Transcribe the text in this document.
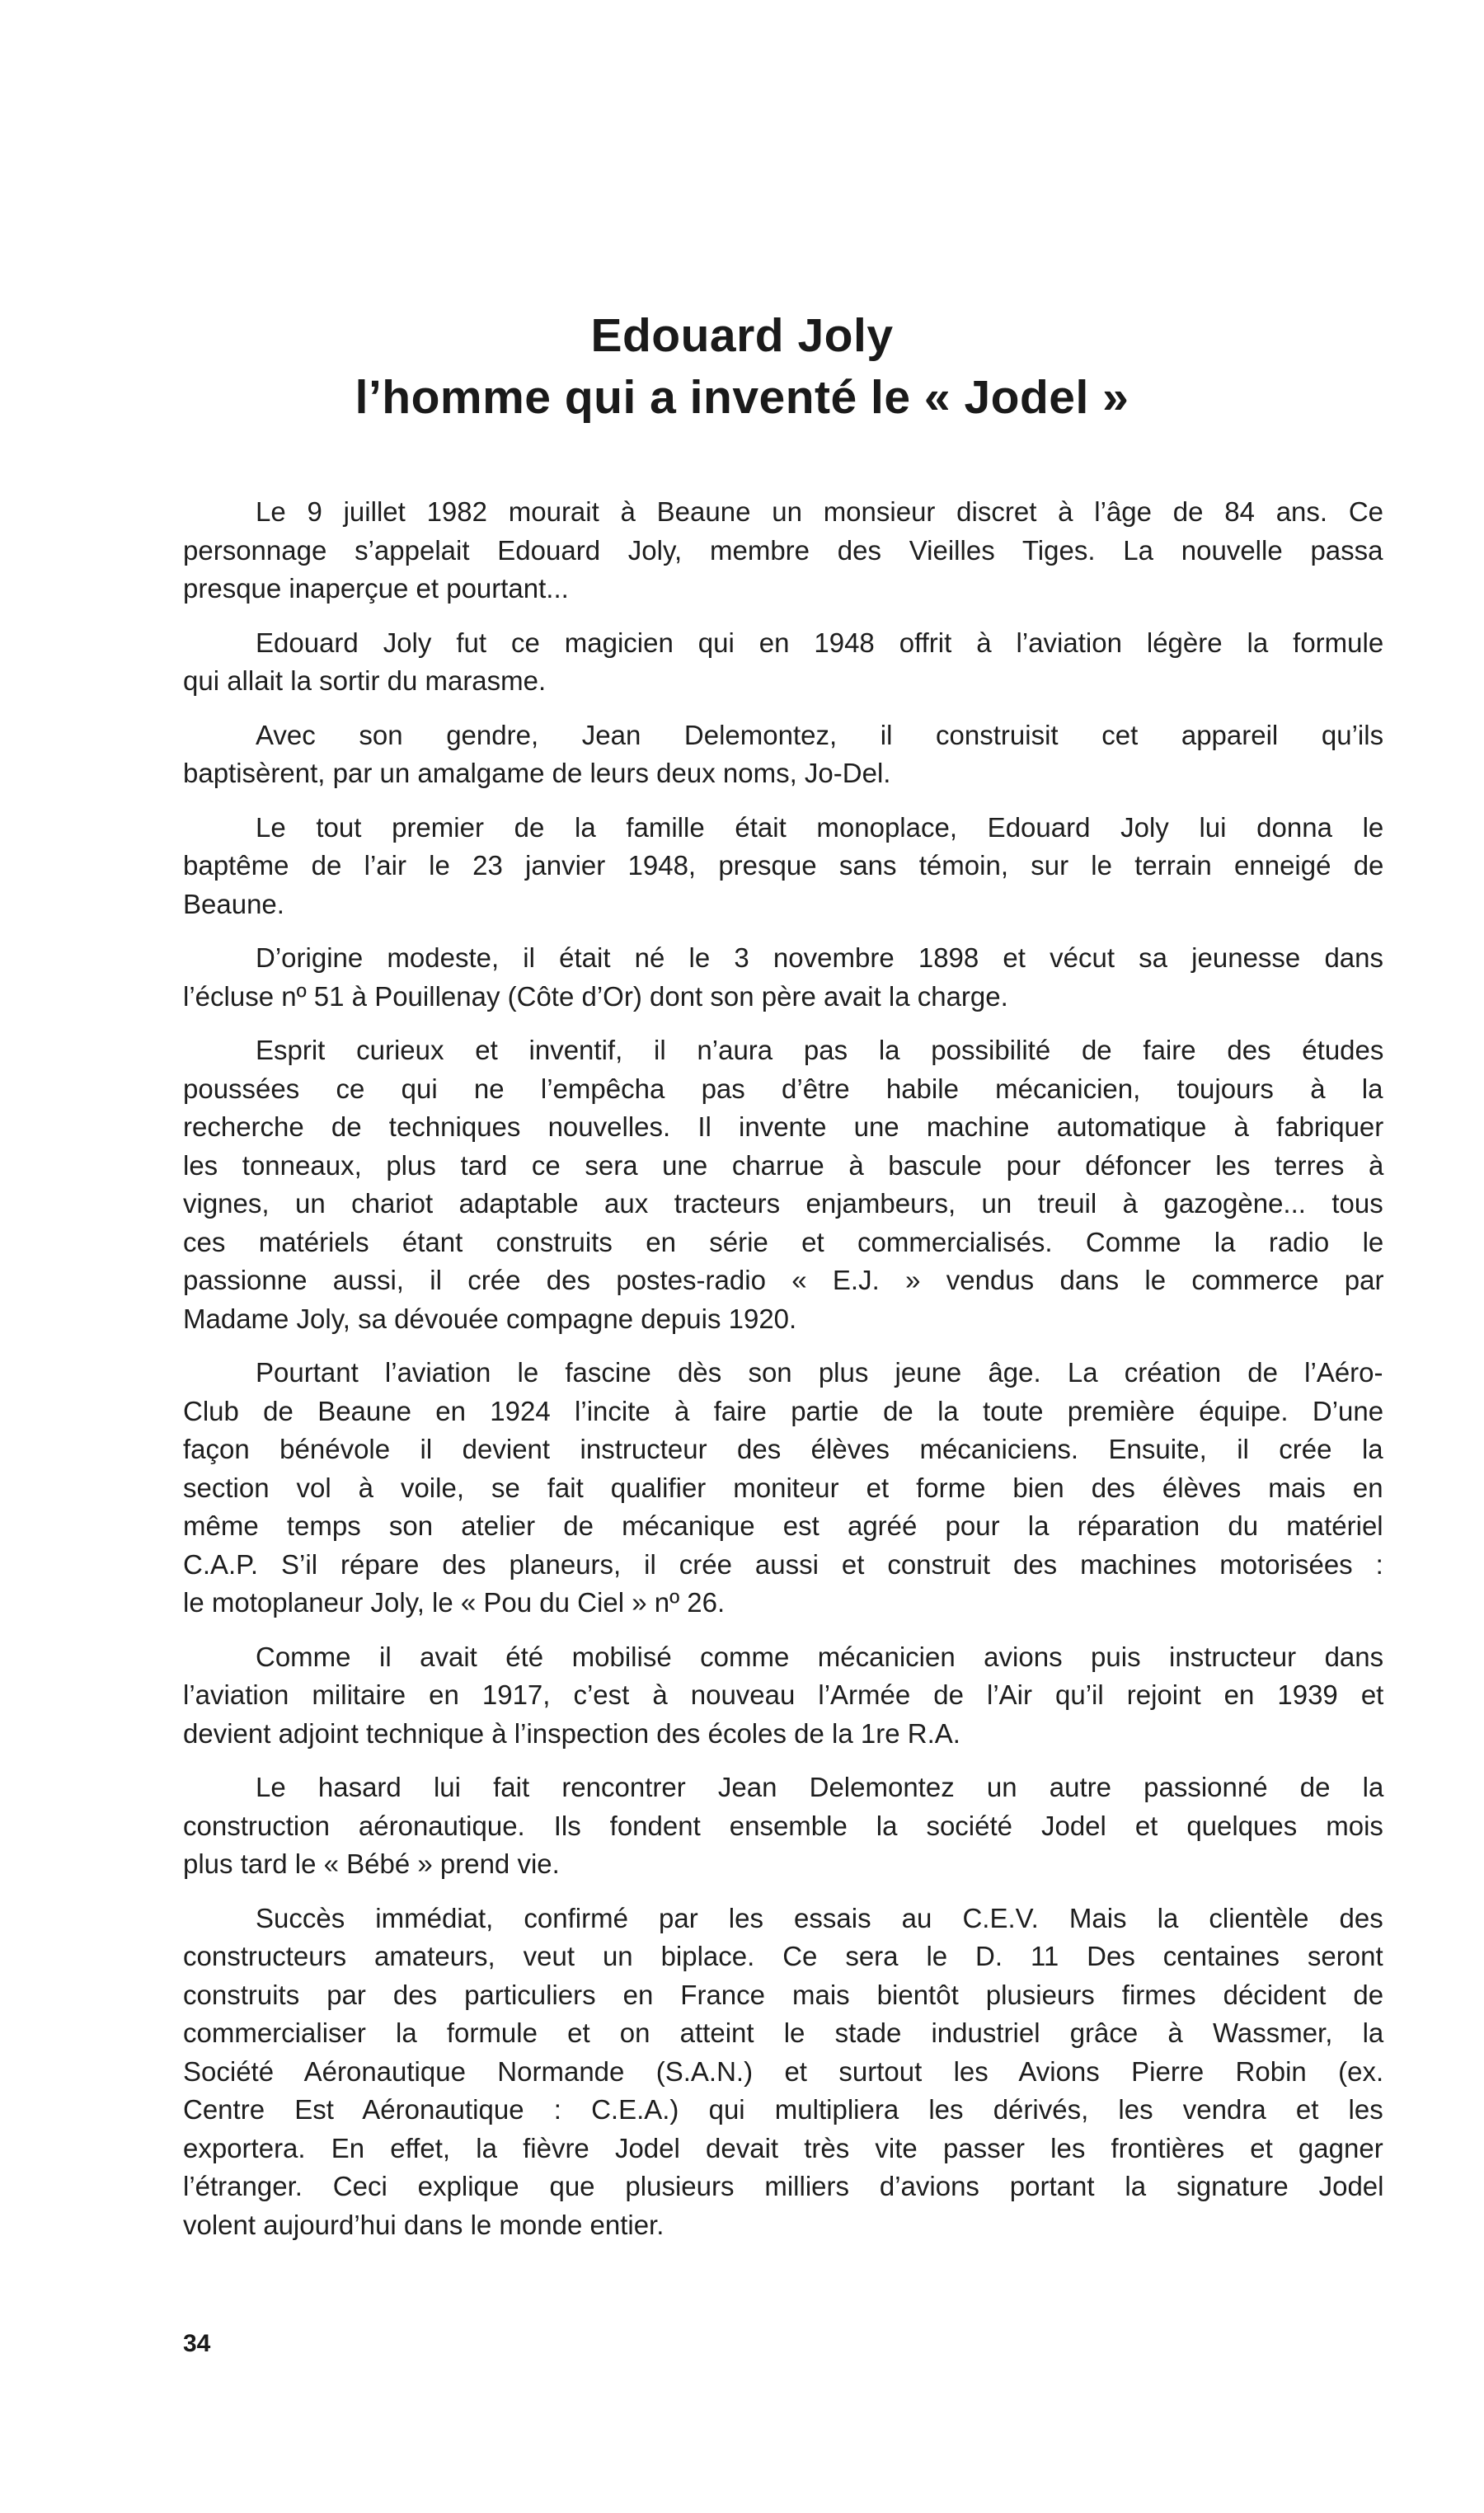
Edouard Joly
l’homme qui a inventé le « Jodel »

Le 9 juillet 1982 mourait à Beaune un monsieur discret à l’âge de 84 ans. Ce
personnage s’appelait Edouard Joly, membre des Vieilles Tiges. La nouvelle passa
presque inaperçue et pourtant...

Edouard Joly fut ce magicien qui en 1948 offrit à l’aviation légère la formule
qui allait la sortir du marasme.

Avec son gendre, Jean Delemontez, il construisit cet appareil qu’ils
baptisèrent, par un amalgame de leurs deux noms, Jo-Del.

Le tout premier de la famille était monoplace, Edouard Joly lui donna le
baptême de l’air le 23 janvier 1948, presque sans témoin, sur le terrain enneigé de
Beaune.

D’origine modeste, il était né le 3 novembre 1898 et vécut sa jeunesse dans
l’écluse nº 51 à Pouillenay (Côte d’Or) dont son père avait la charge.

Esprit curieux et inventif, il n’aura pas la possibilité de faire des études
poussées ce qui ne l’empêcha pas d’être habile mécanicien, toujours à la
recherche de techniques nouvelles. Il invente une machine automatique à fabriquer
les tonneaux, plus tard ce sera une charrue à bascule pour défoncer les terres à
vignes, un chariot adaptable aux tracteurs enjambeurs, un treuil à gazogène... tous
ces matériels étant construits en série et commercialisés. Comme la radio le
passionne aussi, il crée des postes-radio « E.J. » vendus dans le commerce par
Madame Joly, sa dévouée compagne depuis 1920.

Pourtant l’aviation le fascine dès son plus jeune âge. La création de l’Aéro-
Club de Beaune en 1924 l’incite à faire partie de la toute première équipe. D’une
façon bénévole il devient instructeur des élèves mécaniciens. Ensuite, il crée la
section vol à voile, se fait qualifier moniteur et forme bien des élèves mais en
même temps son atelier de mécanique est agréé pour la réparation du matériel
C.A.P. S’il répare des planeurs, il crée aussi et construit des machines motorisées :
le motoplaneur Joly, le « Pou du Ciel » nº 26.

Comme il avait été mobilisé comme mécanicien avions puis instructeur dans
l’aviation militaire en 1917, c’est à nouveau l’Armée de l’Air qu’il rejoint en 1939 et
devient adjoint technique à l’inspection des écoles de la 1re R.A.

Le hasard lui fait rencontrer Jean Delemontez un autre passionné de la
construction aéronautique. Ils fondent ensemble la société Jodel et quelques mois
plus tard le « Bébé » prend vie.

Succès immédiat, confirmé par les essais au C.E.V. Mais la clientèle des
constructeurs amateurs, veut un biplace. Ce sera le D. 11 Des centaines seront
construits par des particuliers en France mais bientôt plusieurs firmes décident de
commercialiser la formule et on atteint le stade industriel grâce à Wassmer, la
Société Aéronautique Normande (S.A.N.) et surtout les Avions Pierre Robin (ex.
Centre Est Aéronautique : C.E.A.) qui multipliera les dérivés, les vendra et les
exportera. En effet, la fièvre Jodel devait très vite passer les frontières et gagner
l’étranger. Ceci explique que plusieurs milliers d’avions portant la signature Jodel
volent aujourd’hui dans le monde entier.

34
